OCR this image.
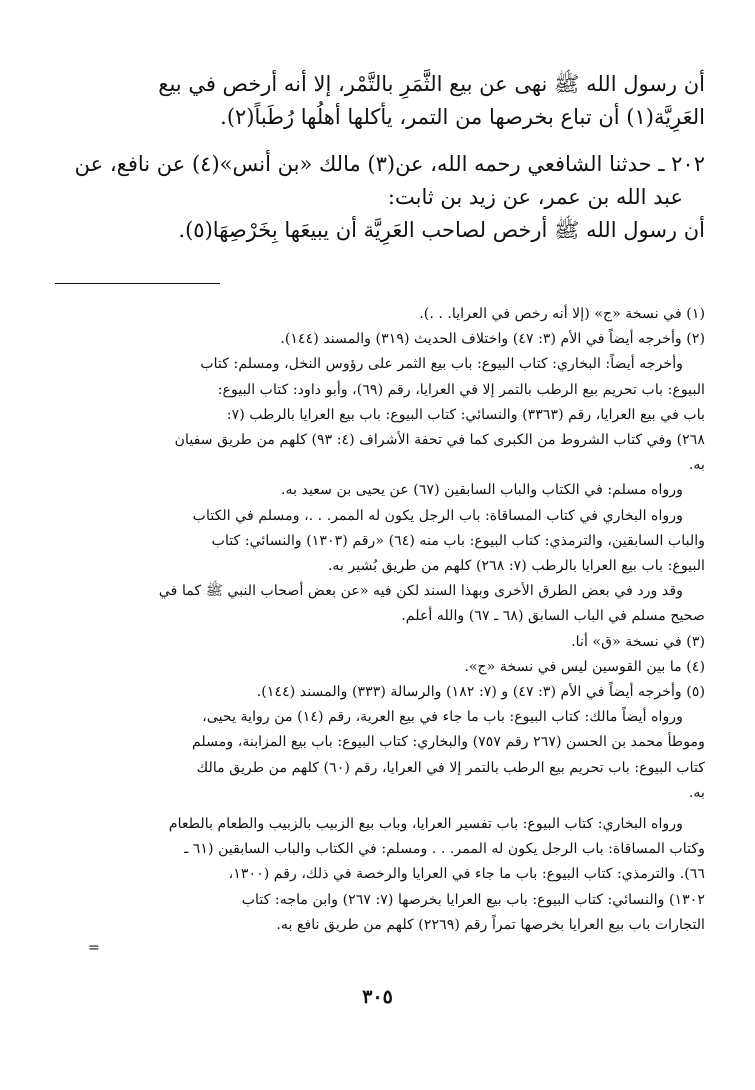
أن رسول الله ﷺ نهى عن بيع الثَّمَرِ بالتَّمْر، إلا أنه أرخص في بيع

العَرِيَّة(١) أن تباع بخرصها من التمر، يأكلها أهلُها رُطَباً(٢).

٢٠٢ ـ حدثنا الشافعي رحمه الله، عن(٣) مالك «بن أنس»(٤) عن نافع، عن

عبد الله بن عمر، عن زيد بن ثابت:

أن رسول الله ﷺ أرخص لصاحب العَرِيَّة أن يبيعَها بِخَرْصِهَا(٥).

(١) في نسخة «ج» (إلا أنه رخص في العرايا. . .).

(٢) وأخرجه أيضاً في الأم (٣: ٤٧) واختلاف الحديث (٣١٩) والمسند (١٤٤).

وأخرجه أيضاً: البخاري: كتاب البيوع: باب بيع الثمر على رؤوس النخل، ومسلم: كتاب

البيوع: باب تحريم بيع الرطب بالتمر إلا في العرايا، رقم (٦٩)، وأبو داود: كتاب البيوع:

باب في بيع العرايا، رقم (٣٣٦٣) والنسائي: كتاب البيوع: باب بيع العرايا بالرطب (٧:

٢٦٨) وفي كتاب الشروط من الكبرى كما في تحفة الأشراف (٤: ٩٣) كلهم من طريق سفيان

به.

ورواه مسلم: في الكتاب والباب السابقين (٦٧) عن يحيى بن سعيد به.

ورواه البخاري في كتاب المساقاة: باب الرجل يكون له الممر. . .، ومسلم في الكتاب

والباب السابقين، والترمذي: كتاب البيوع: باب منه (٦٤) «رقم (١٣٠٣) والنسائي: كتاب

البيوع: باب بيع العرايا بالرطب (٧: ٢٦٨) كلهم من طريق بُشير به.

وقد ورد في بعض الطرق الأخرى وبهذا السند لكن فيه «عن بعض أصحاب النبي ﷺ كما في

صحيح مسلم في الباب السابق (٦٨ ـ ٦٧) والله أعلم.

(٣) في نسخة «ق» أنا.

(٤) ما بين القوسين ليس في نسخة «ج».

(٥) وأخرجه أيضاً في الأم (٣: ٤٧) و (٧: ١٨٢) والرسالة (٣٣٣) والمسند (١٤٤).

ورواه أيضاً مالك: كتاب البيوع: باب ما جاء في بيع العرية، رقم (١٤) من رواية يحيى،

وموطأ محمد بن الحسن (٢٦٧ رقم ٧٥٧) والبخاري: كتاب البيوع: باب بيع المزابنة، ومسلم

كتاب البيوع: باب تحريم بيع الرطب بالتمر إلا في العرايا، رقم (٦٠) كلهم من طريق مالك

به.

ورواه البخاري: كتاب البيوع: باب تفسير العرايا، وباب بيع الزبيب بالزبيب والطعام بالطعام

وكتاب المساقاة: باب الرجل يكون له الممر. . . ومسلم: في الكتاب والباب السابقين (٦١ ـ

٦٦). والترمذي: كتاب البيوع: باب ما جاء في العرايا والرخصة في ذلك، رقم (١٣٠٠،

١٣٠٢) والنسائي: كتاب البيوع: باب بيع العرايا بخرصها (٧: ٢٦٧) وابن ماجه: كتاب

التجارات باب بيع العرايا بخرصها تمراً رقم (٢٢٦٩) كلهم من طريق نافع به.

=
٣٠٥
